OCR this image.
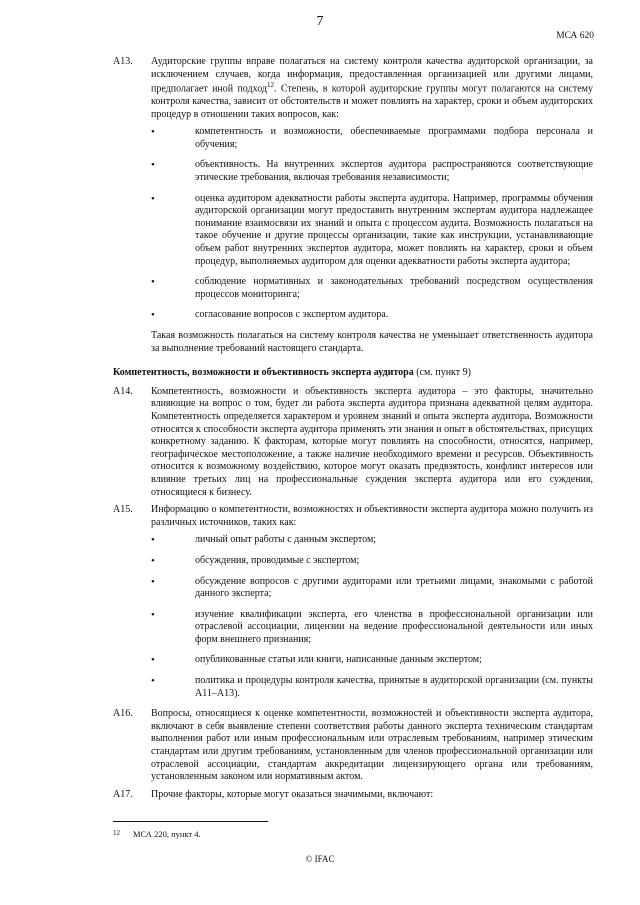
7
МСА 620
A13. Аудиторские группы вправе полагаться на систему контроля качества аудиторской организации, за исключением случаев, когда информация, предоставленная организацией или другими лицами, предполагает иной подход$^{12}$. Степень, в которой аудиторские группы могут полагаются на систему контроля качества, зависит от обстоятельств и может повлиять на характер, сроки и объем аудиторских процедур в отношении таких вопросов, как:
• компетентность и возможности, обеспечиваемые программами подбора персонала и обучения;
• объективность. На внутренних экспертов аудитора распространяются соответствующие этические требования, включая требования независимости;
• оценка аудитором адекватности работы эксперта аудитора. Например, программы обучения аудиторской организации могут предоставить внутренним экспертам аудитора надлежащее понимание взаимосвязи их знаний и опыта с процессом аудита. Возможность полагаться на такое обучение и другие процессы организации, такие как инструкции, устанавливающие объем работ внутренних экспертов аудитора, может повлиять на характер, сроки и объем процедур, выполняемых аудитором для оценки адекватности работы эксперта аудитора;
• соблюдение нормативных и законодательных требований посредством осуществления процессов мониторинга;
• согласование вопросов с экспертом аудитора.
Такая возможность полагаться на систему контроля качества не уменьшает ответственность аудитора за выполнение требований настоящего стандарта.
Компетентность, возможности и объективность эксперта аудитора (см. пункт 9)
A14. Компетентность, возможности и объективность эксперта аудитора – это факторы, значительно влияющие на вопрос о том, будет ли работа эксперта аудитора признана адекватной целям аудитора. Компетентность определяется характером и уровнем знаний и опыта эксперта аудитора. Возможности относятся к способности эксперта аудитора применять эти знания и опыт в обстоятельствах, присущих конкретному заданию. К факторам, которые могут повлиять на способности, относятся, например, географическое местоположение, а также наличие необходимого времени и ресурсов. Объективность относится к возможному воздействию, которое могут оказать предвзятость, конфликт интересов или влияние третьих лиц на профессиональные суждения эксперта аудитора или его суждения, относящиеся к бизнесу.
A15. Информацию о компетентности, возможностях и объективности эксперта аудитора можно получить из различных источников, таких как:
• личный опыт работы с данным экспертом;
• обсуждения, проводимые с экспертом;
• обсуждение вопросов с другими аудиторами или третьими лицами, знакомыми с работой данного эксперта;
• изучение квалификации эксперта, его членства в профессиональной организации или отраслевой ассоциации, лицензии на ведение профессиональной деятельности или иных форм внешнего признания;
• опубликованные статьи или книги, написанные данным экспертом;
• политика и процедуры контроля качества, принятые в аудиторской организации (см. пункты А11–А13).
A16. Вопросы, относящиеся к оценке компетентности, возможностей и объективности эксперта аудитора, включают в себя выявление степени соответствия работы данного эксперта техническим стандартам выполнения работ или иным профессиональным или отраслевым требованиям, например этическим стандартам или другим требованиям, установленным для членов профессиональной организации или отраслевой ассоциации, стандартам аккредитации лицензирующего органа или требованиям, установленным законом или нормативным актом.
A17. Прочие факторы, которые могут оказаться значимыми, включают:
12 МСА 220, пункт 4.
© IFAC
